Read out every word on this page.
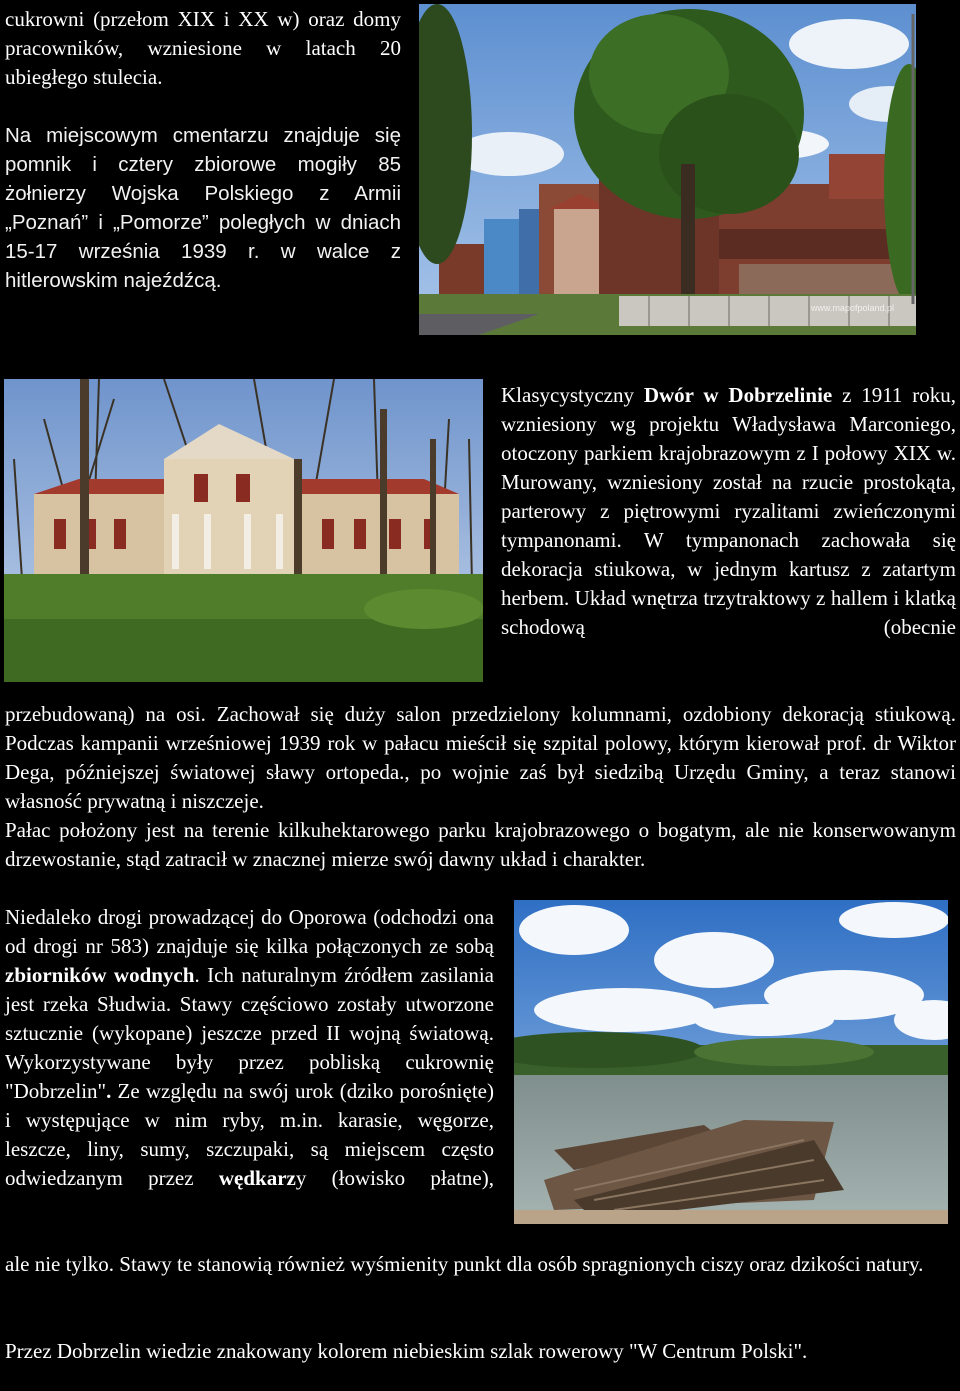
cukrowni (przełom XIX i XX w) oraz domy pracowników, wzniesione w latach 20 ubiegłego stulecia.

Na miejscowym cmentarzu znajduje się pomnik i cztery zbiorowe mogiły 85 żołnierzy Wojska Polskiego z Armii „Poznań” i „Pomorze” poległych w dniach 15-17 września 1939 r. w walce z hitlerowskim najeźdźcą.

www.mapofpoland.pl

Klasycystyczny Dwór w Dobrzelinie z 1911 roku, wzniesiony wg projektu Władysława Marconiego, otoczony parkiem krajobrazowym z I połowy XIX w. Murowany, wzniesiony został na rzucie prostokąta, parterowy z piętrowymi ryzalitami zwieńczonymi tympanonami. W tympanonach zachowała się dekoracja stiukowa, w jednym kartusz z zatartym herbem. Układ wnętrza trzytraktowy z hallem i klatką schodową (obecnie

przebudowaną) na osi. Zachował się duży salon przedzielony kolumnami, ozdobiony dekoracją stiukową. Podczas kampanii wrześniowej 1939 rok w pałacu mieścił się szpital polowy, którym kierował prof. dr Wiktor Dega, późniejszej światowej sławy ortopeda., po wojnie zaś był siedzibą Urzędu Gminy, a teraz stanowi własność prywatną i niszczeje.

Pałac położony jest na terenie kilkuhektarowego parku krajobrazowego o bogatym, ale nie konserwowanym drzewostanie, stąd zatracił w znacznej mierze swój dawny układ i charakter.

Niedaleko drogi prowadzącej do Oporowa (odchodzi ona od drogi nr 583) znajduje się kilka połączonych ze sobą zbiorników wodnych. Ich naturalnym źródłem zasilania jest rzeka Słudwia. Stawy częściowo zostały utworzone sztucznie (wykopane) jeszcze przed II wojną światową. Wykorzystywane były przez pobliską cukrownię "Dobrzelin". Ze względu na swój urok (dziko porośnięte) i występujące w nim ryby, m.in. karasie, węgorze, leszcze, liny, sumy, szczupaki, są miejscem często odwiedzanym przez wędkarzy (łowisko płatne),

ale nie tylko. Stawy te stanowią również wyśmienity punkt dla osób spragnionych ciszy oraz dzikości natury.

Przez Dobrzelin wiedzie znakowany kolorem niebieskim szlak rowerowy "W Centrum Polski".
